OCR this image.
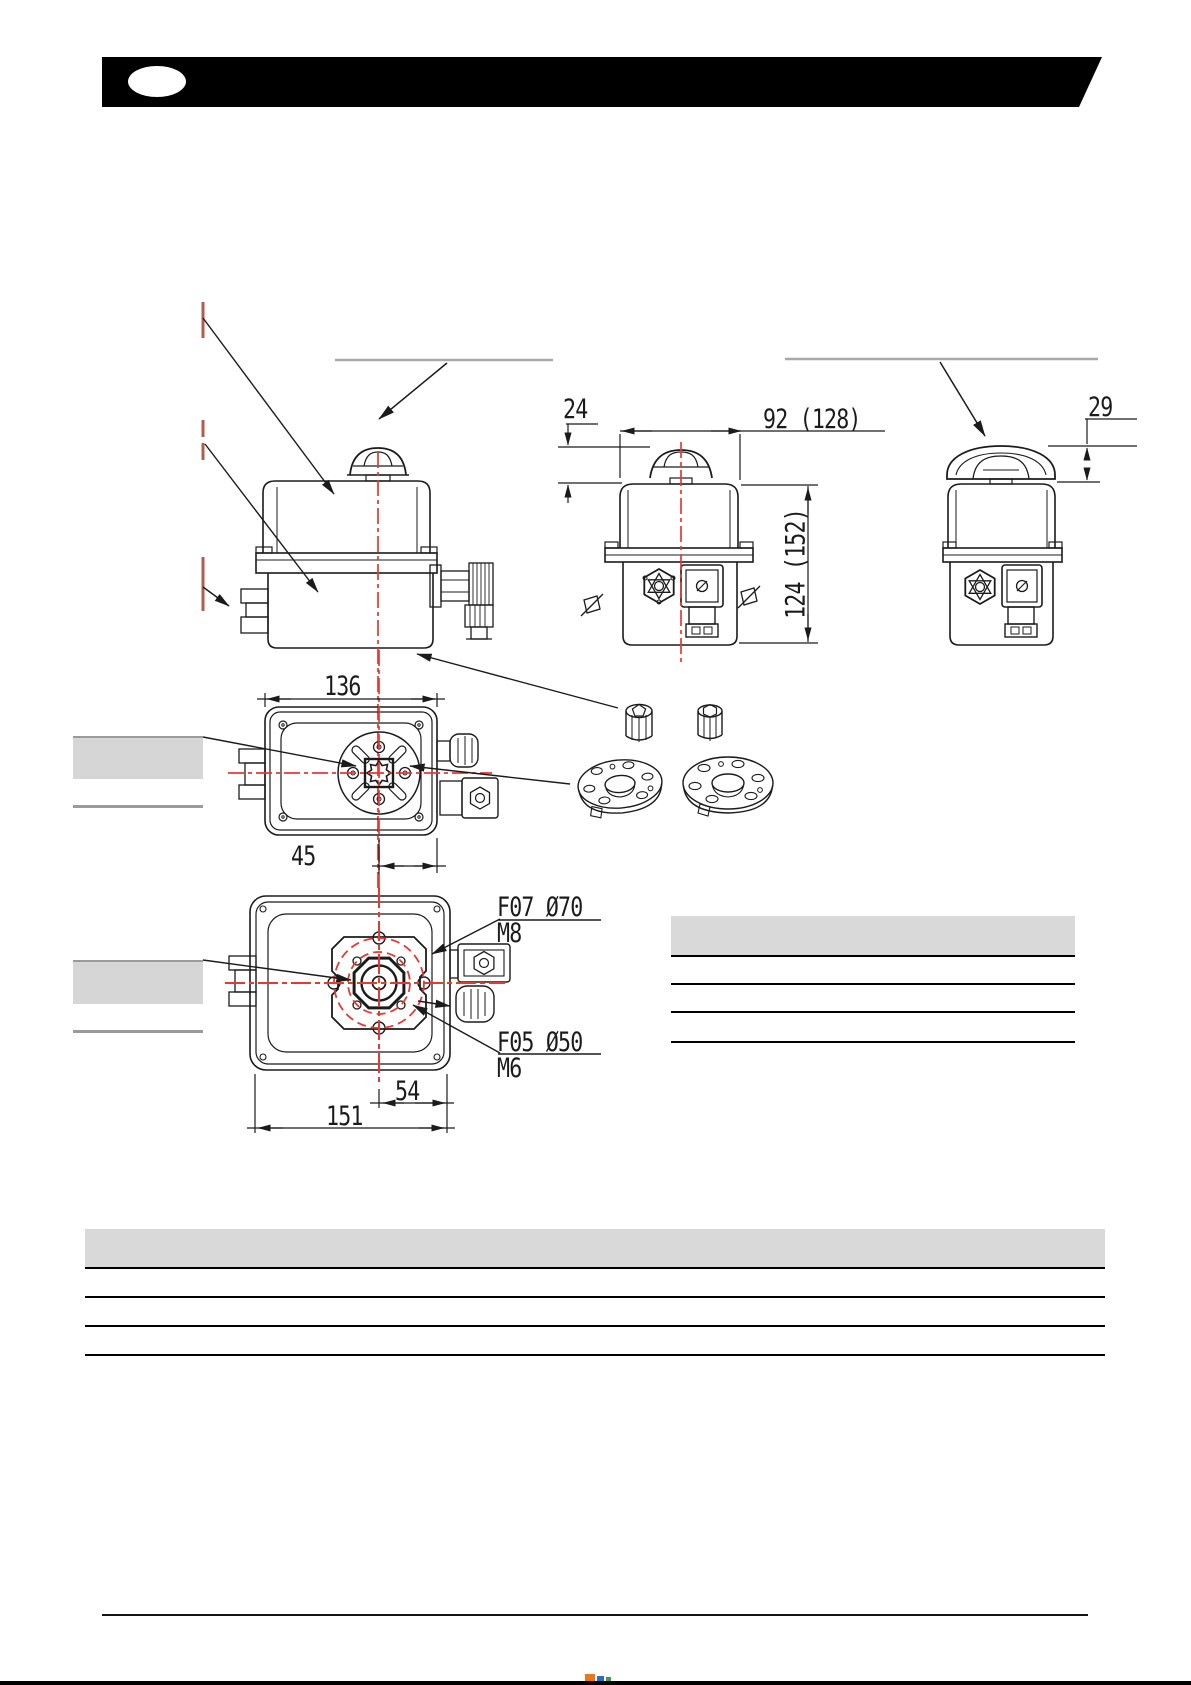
24	92 (128)	29
124 (152)
136
45
F07 Ø70
M8
F05 Ø50
M6
54
151
